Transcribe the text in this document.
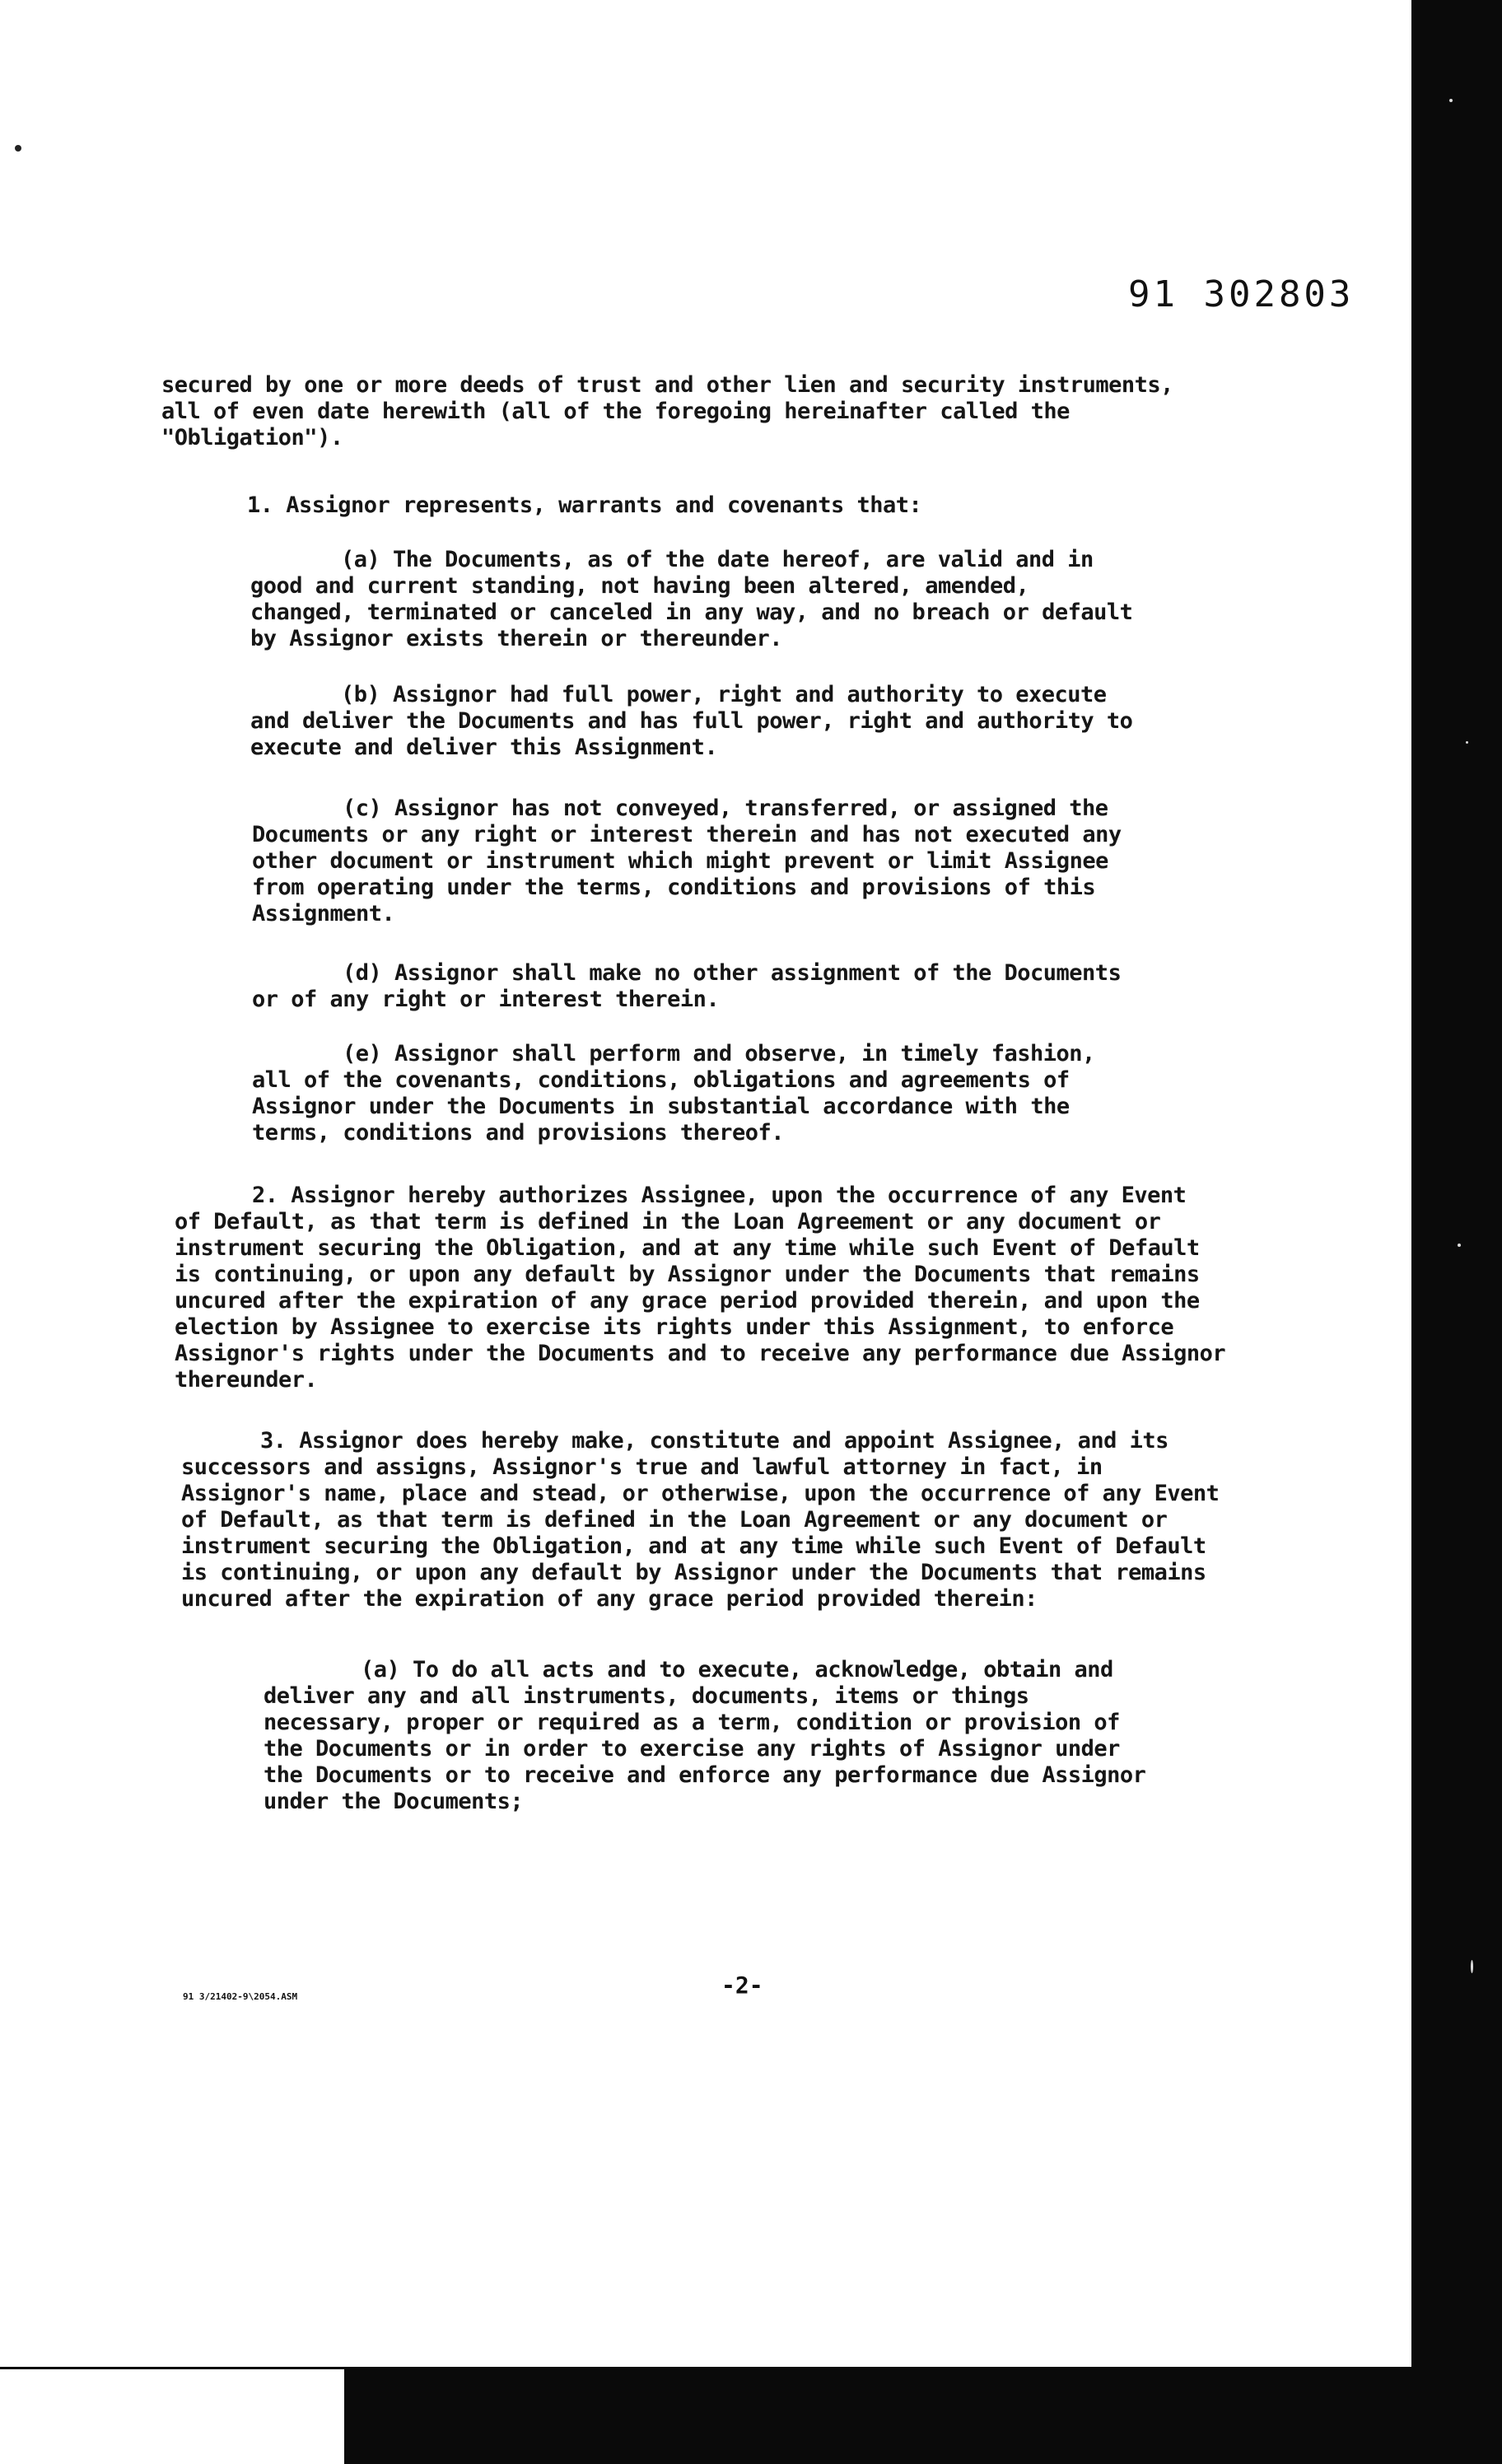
91 302803
secured by one or more deeds of trust and other lien and security instruments,
all of even date herewith (all of the foregoing hereinafter called the
"Obligation").
1. Assignor represents, warrants and covenants that:
(a) The Documents, as of the date hereof, are valid and in
good and current standing, not having been altered, amended,
changed, terminated or canceled in any way, and no breach or default
by Assignor exists therein or thereunder.
(b) Assignor had full power, right and authority to execute
and deliver the Documents and has full power, right and authority to
execute and deliver this Assignment.
(c) Assignor has not conveyed, transferred, or assigned the
Documents or any right or interest therein and has not executed any
other document or instrument which might prevent or limit Assignee
from operating under the terms, conditions and provisions of this
Assignment.
(d) Assignor shall make no other assignment of the Documents
or of any right or interest therein.
(e) Assignor shall perform and observe, in timely fashion,
all of the covenants, conditions, obligations and agreements of
Assignor under the Documents in substantial accordance with the
terms, conditions and provisions thereof.
2. Assignor hereby authorizes Assignee, upon the occurrence of any Event
of Default, as that term is defined in the Loan Agreement or any document or
instrument securing the Obligation, and at any time while such Event of Default
is continuing, or upon any default by Assignor under the Documents that remains
uncured after the expiration of any grace period provided therein, and upon the
election by Assignee to exercise its rights under this Assignment, to enforce
Assignor's rights under the Documents and to receive any performance due Assignor
thereunder.
3. Assignor does hereby make, constitute and appoint Assignee, and its
successors and assigns, Assignor's true and lawful attorney in fact, in
Assignor's name, place and stead, or otherwise, upon the occurrence of any Event
of Default, as that term is defined in the Loan Agreement or any document or
instrument securing the Obligation, and at any time while such Event of Default
is continuing, or upon any default by Assignor under the Documents that remains
uncured after the expiration of any grace period provided therein:
(a) To do all acts and to execute, acknowledge, obtain and
deliver any and all instruments, documents, items or things
necessary, proper or required as a term, condition or provision of
the Documents or in order to exercise any rights of Assignor under
the Documents or to receive and enforce any performance due Assignor
under the Documents;
91 3/21402-9\2054.ASM	-2-
